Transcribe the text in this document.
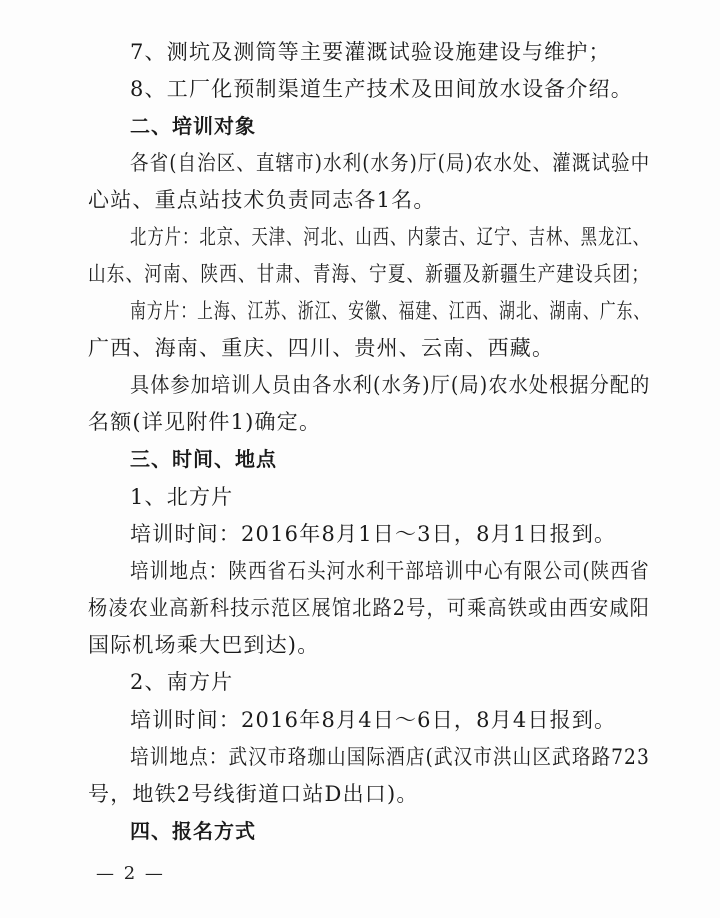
7、测坑及测筒等主要灌溉试验设施建设与维护；
8、工厂化预制渠道生产技术及田间放水设备介绍。
二、培训对象
各省(自治区、直辖市)水利(水务)厅(局)农水处、灌溉试验中
心站、重点站技术负责同志各1名。
北方片：北京、天津、河北、山西、内蒙古、辽宁、吉林、黑龙江、
山东、河南、陕西、甘肃、青海、宁夏、新疆及新疆生产建设兵团；
南方片：上海、江苏、浙江、安徽、福建、江西、湖北、湖南、广东、
广西、海南、重庆、四川、贵州、云南、西藏。
具体参加培训人员由各水利(水务)厅(局)农水处根据分配的
名额(详见附件1)确定。
三、时间、地点
1、北方片
培训时间：2016年8月1日～3日，8月1日报到。
培训地点：陕西省石头河水利干部培训中心有限公司(陕西省
杨凌农业高新科技示范区展馆北路2号，可乘高铁或由西安咸阳
国际机场乘大巴到达)。
2、南方片
培训时间：2016年8月4日～6日，8月4日报到。
培训地点：武汉市珞珈山国际酒店(武汉市洪山区武珞路723
号，地铁2号线街道口站D出口)。
四、报名方式
— 2 —
